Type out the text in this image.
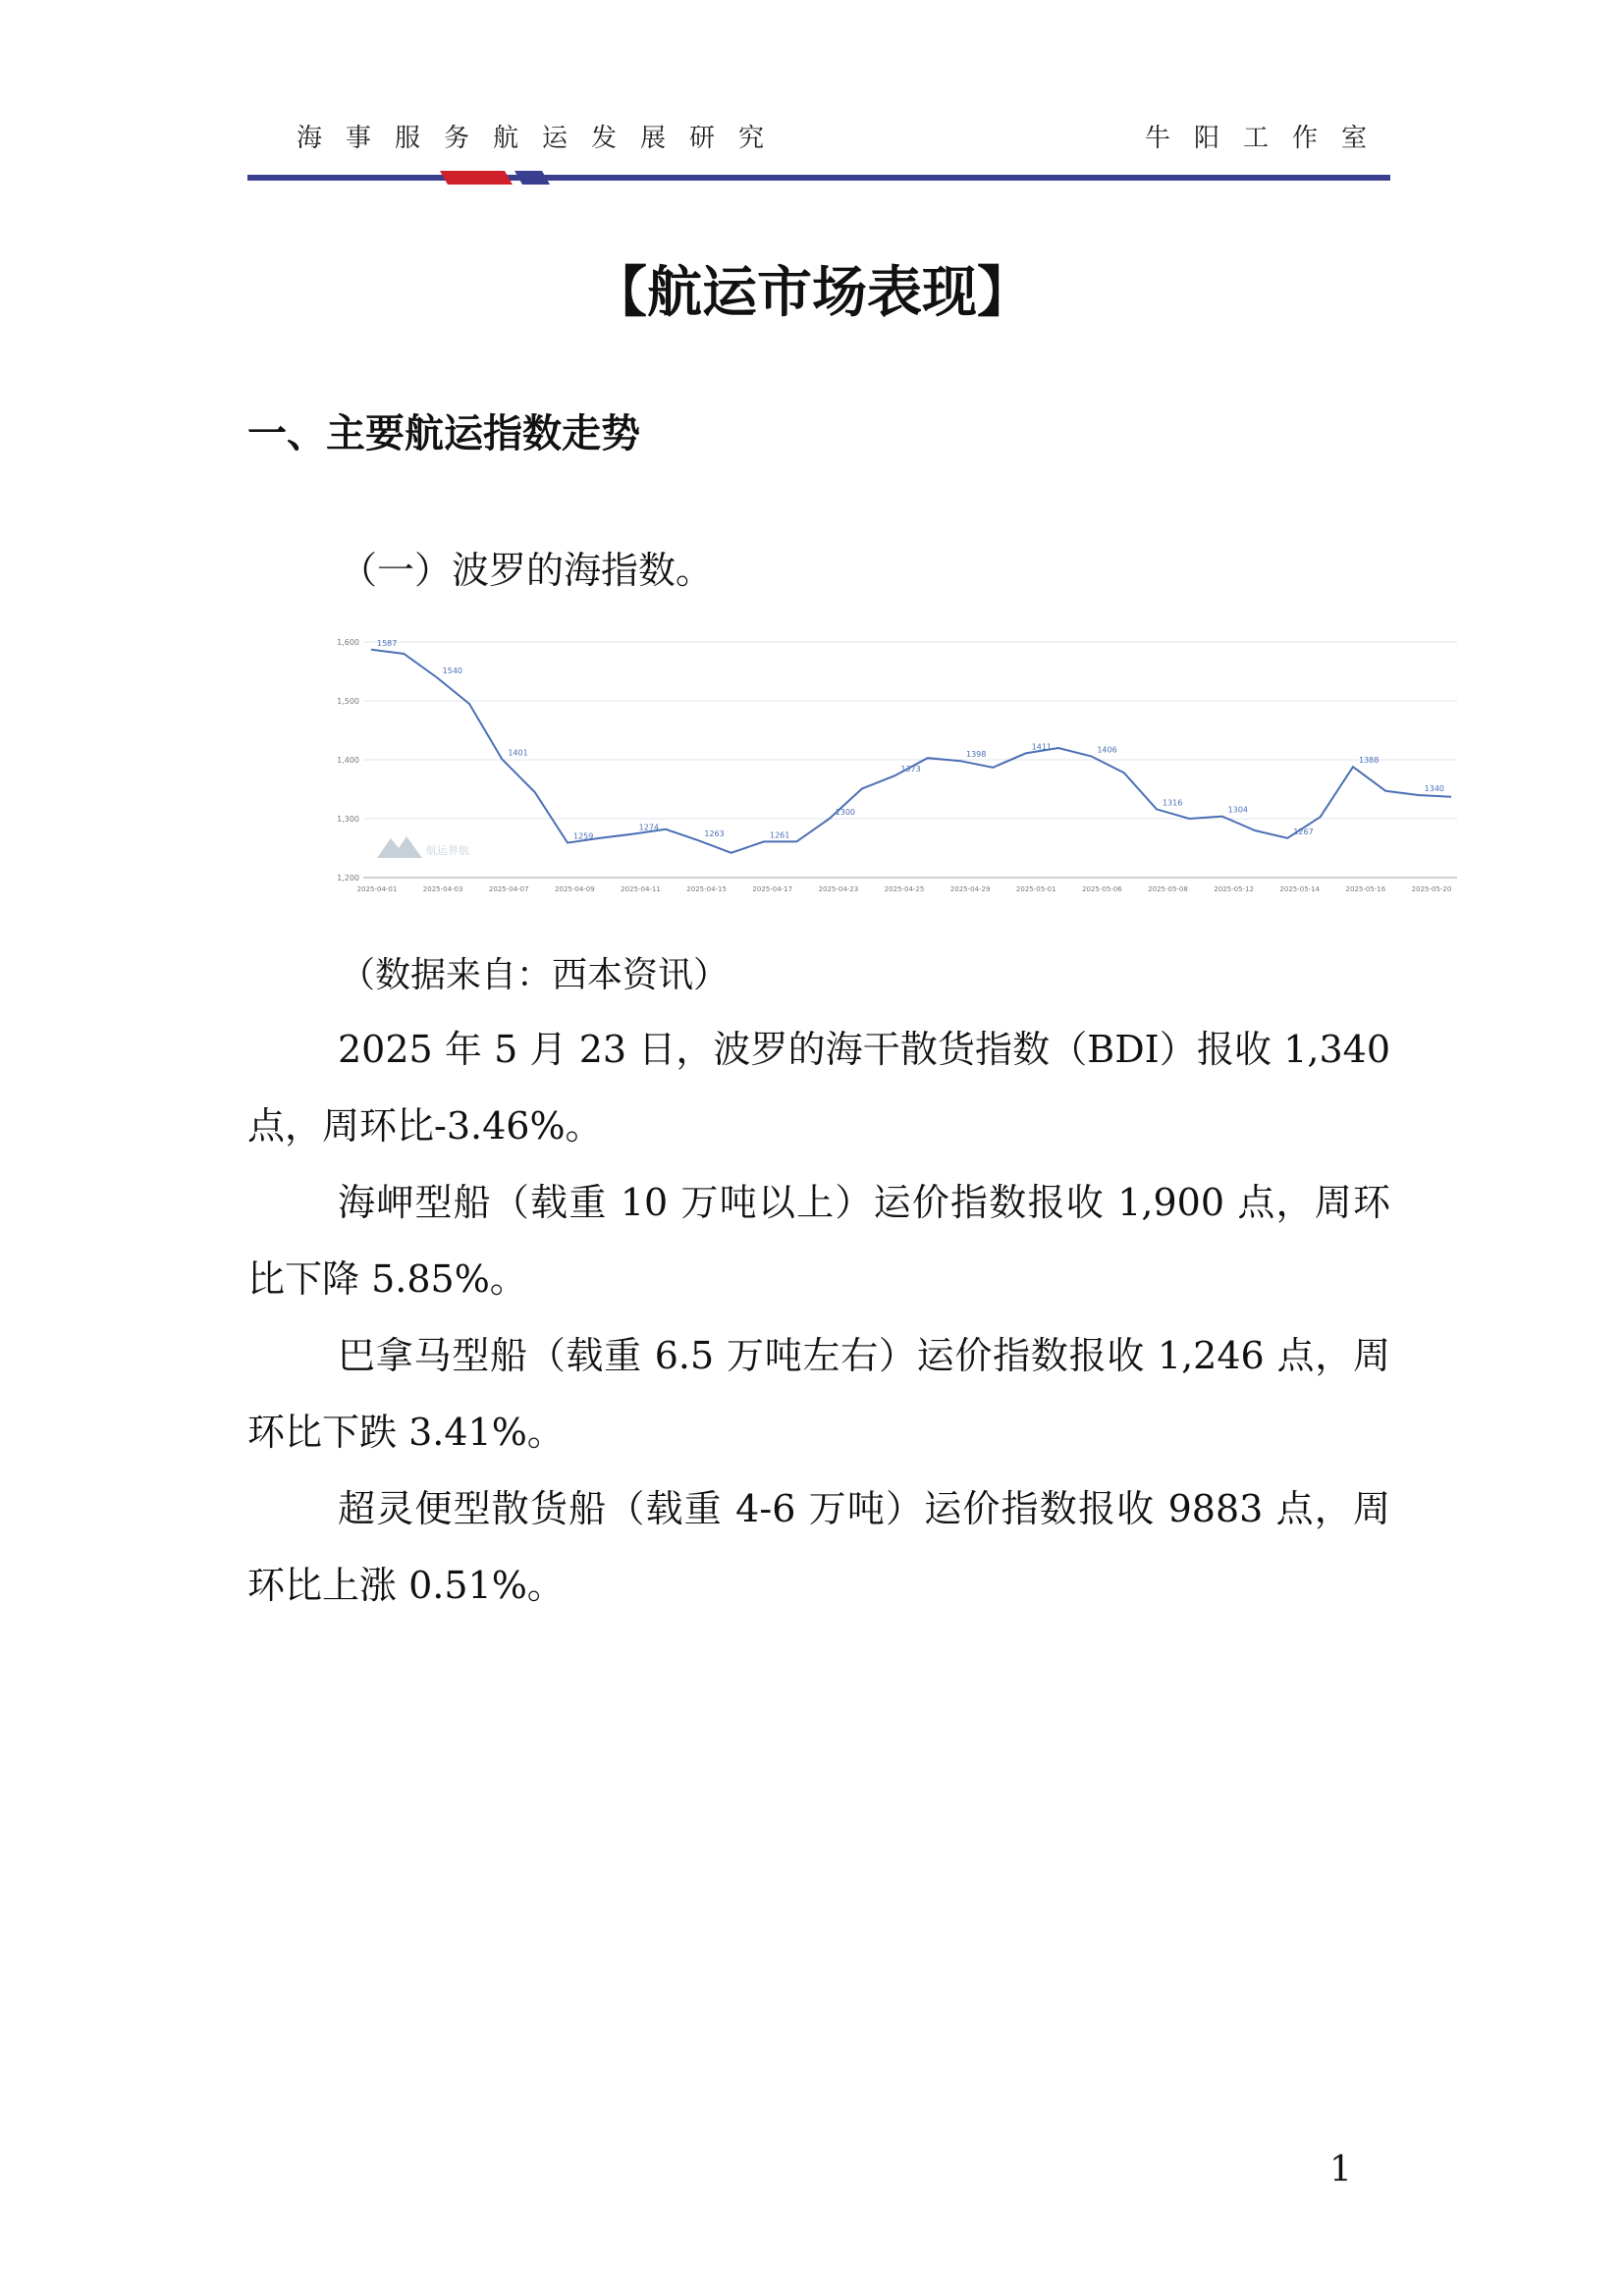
海事服务航运发展研究	牛阳工作室
【航运市场表现】
一、主要航运指数走势
（一）波罗的海指数。
1,200
1,300
1,400
1,500
1,600
2025-04-01	2025-04-03	2025-04-07	2025-04-09	2025-04-11	2025-04-15	2025-04-17	2025-04-23	2025-04-25	2025-04-29	2025-05-01	2025-05-06	2025-05-08	2025-05-12	2025-05-14	2025-05-16	2025-05-20
航运界航
1587
1540
1401
1259
1274
1263	1261
1300
1373
1398
1411	1406
1316
1304
1267
1388
1340
（数据来自：西本资讯）

2025 年 5 月 23 日，波罗的海干散货指数（BDI）报收 1,340 点，周环比-3.46%。

海岬型船（载重 10 万吨以上）运价指数报收 1,900 点，周环比下降 5.85%。

巴拿马型船（载重 6.5 万吨左右）运价指数报收 1,246 点，周环比下跌 3.41%。

超灵便型散货船（载重 4-6 万吨）运价指数报收 9883 点，周环比上涨 0.51%。

1
